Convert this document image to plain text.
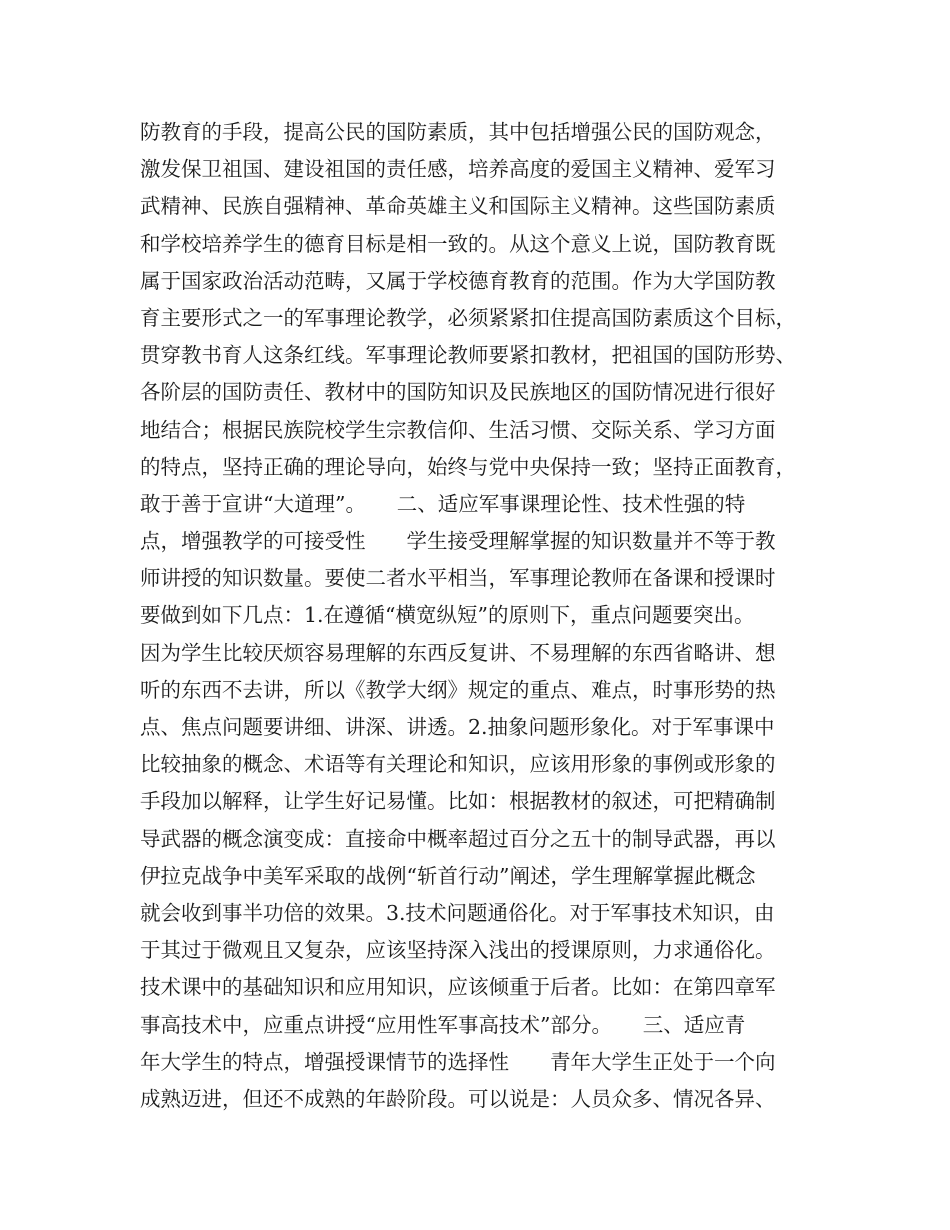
防教育的手段，提高公民的国防素质，其中包括增强公民的国防观念，
激发保卫祖国、建设祖国的责任感，培养高度的爱国主义精神、爱军习
武精神、民族自强精神、革命英雄主义和国际主义精神。这些国防素质
和学校培养学生的德育目标是相一致的。从这个意义上说，国防教育既
属于国家政治活动范畴，又属于学校德育教育的范围。作为大学国防教
育主要形式之一的军事理论教学，必须紧紧扣住提高国防素质这个目标，
贯穿教书育人这条红线。军事理论教师要紧扣教材，把祖国的国防形势、
各阶层的国防责任、教材中的国防知识及民族地区的国防情况进行很好
地结合；根据民族院校学生宗教信仰、生活习惯、交际关系、学习方面
的特点，坚持正确的理论导向，始终与党中央保持一致；坚持正面教育，
敢于善于宣讲“大道理”。　　二、适应军事课理论性、技术性强的特
点，增强教学的可接受性　　学生接受理解掌握的知识数量并不等于教
师讲授的知识数量。要使二者水平相当，军事理论教师在备课和授课时
要做到如下几点：1.在遵循“横宽纵短”的原则下，重点问题要突出。
因为学生比较厌烦容易理解的东西反复讲、不易理解的东西省略讲、想
听的东西不去讲，所以《教学大纲》规定的重点、难点，时事形势的热
点、焦点问题要讲细、讲深、讲透。2.抽象问题形象化。对于军事课中
比较抽象的概念、术语等有关理论和知识，应该用形象的事例或形象的
手段加以解释，让学生好记易懂。比如：根据教材的叙述，可把精确制
导武器的概念演变成：直接命中概率超过百分之五十的制导武器，再以
伊拉克战争中美军采取的战例“斩首行动”阐述，学生理解掌握此概念
就会收到事半功倍的效果。3.技术问题通俗化。对于军事技术知识，由
于其过于微观且又复杂，应该坚持深入浅出的授课原则，力求通俗化。
技术课中的基础知识和应用知识，应该倾重于后者。比如：在第四章军
事高技术中，应重点讲授“应用性军事高技术”部分。　　三、适应青
年大学生的特点，增强授课情节的选择性　　青年大学生正处于一个向
成熟迈进，但还不成熟的年龄阶段。可以说是：人员众多、情况各异、
